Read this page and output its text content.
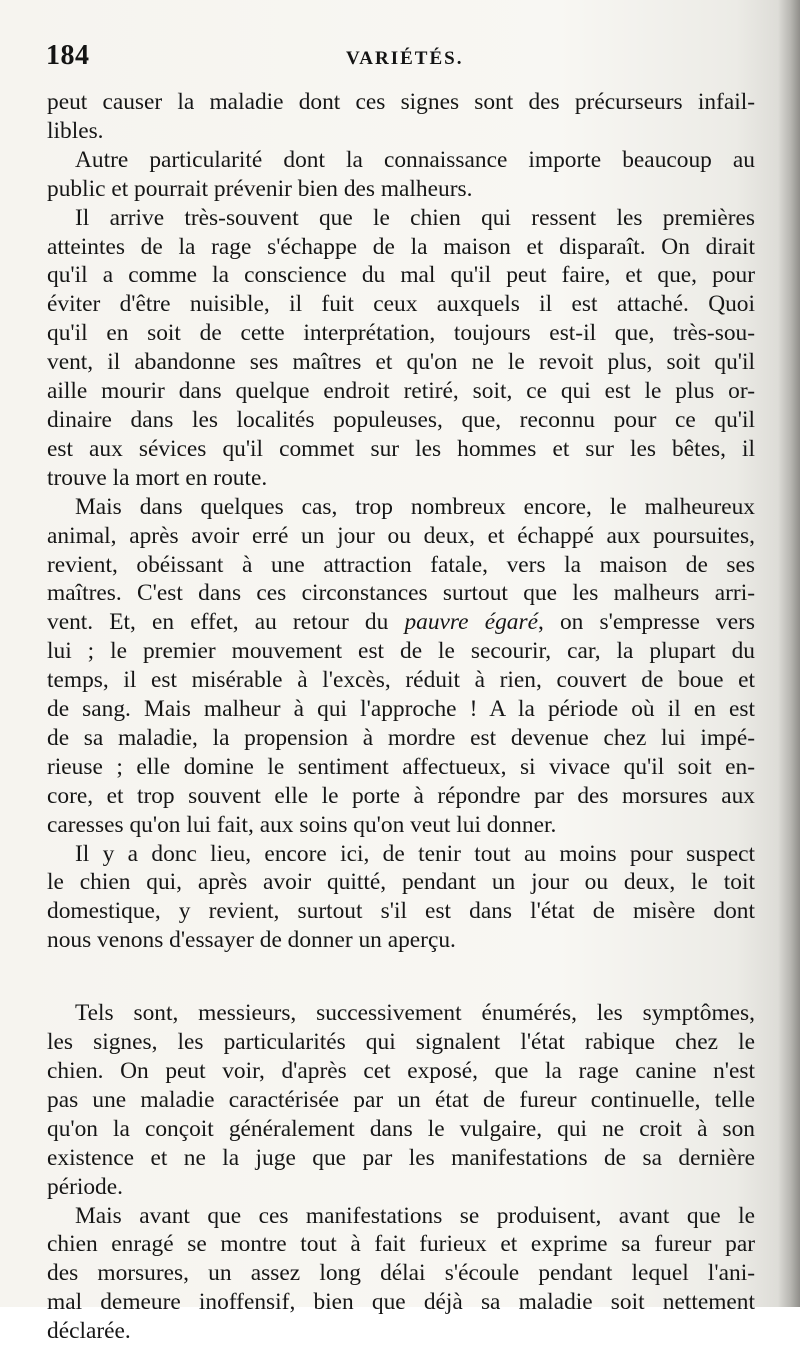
184	VARIÉTÉS.

peut causer la maladie dont ces signes sont des précurseurs infail-
libles.

Autre particularité dont la connaissance importe beaucoup au
public et pourrait prévenir bien des malheurs.

Il arrive très-souvent que le chien qui ressent les premières
atteintes de la rage s'échappe de la maison et disparaît. On dirait
qu'il a comme la conscience du mal qu'il peut faire, et que, pour
éviter d'être nuisible, il fuit ceux auxquels il est attaché. Quoi
qu'il en soit de cette interprétation, toujours est-il que, très-sou-
vent, il abandonne ses maîtres et qu'on ne le revoit plus, soit qu'il
aille mourir dans quelque endroit retiré, soit, ce qui est le plus or-
dinaire dans les localités populeuses, que, reconnu pour ce qu'il
est aux sévices qu'il commet sur les hommes et sur les bêtes, il
trouve la mort en route.

Mais dans quelques cas, trop nombreux encore, le malheureux
animal, après avoir erré un jour ou deux, et échappé aux poursuites,
revient, obéissant à une attraction fatale, vers la maison de ses
maîtres. C'est dans ces circonstances surtout que les malheurs arri-
vent. Et, en effet, au retour du pauvre égaré, on s'empresse vers
lui ; le premier mouvement est de le secourir, car, la plupart du
temps, il est misérable à l'excès, réduit à rien, couvert de boue et
de sang. Mais malheur à qui l'approche ! A la période où il en est
de sa maladie, la propension à mordre est devenue chez lui impé-
rieuse ; elle domine le sentiment affectueux, si vivace qu'il soit en-
core, et trop souvent elle le porte à répondre par des morsures aux
caresses qu'on lui fait, aux soins qu'on veut lui donner.

Il y a donc lieu, encore ici, de tenir tout au moins pour suspect
le chien qui, après avoir quitté, pendant un jour ou deux, le toit
domestique, y revient, surtout s'il est dans l'état de misère dont
nous venons d'essayer de donner un aperçu.

Tels sont, messieurs, successivement énumérés, les symptômes,
les signes, les particularités qui signalent l'état rabique chez le
chien. On peut voir, d'après cet exposé, que la rage canine n'est
pas une maladie caractérisée par un état de fureur continuelle, telle
qu'on la conçoit généralement dans le vulgaire, qui ne croit à son
existence et ne la juge que par les manifestations de sa dernière
période.

Mais avant que ces manifestations se produisent, avant que le
chien enragé se montre tout à fait furieux et exprime sa fureur par
des morsures, un assez long délai s'écoule pendant lequel l'ani-
mal demeure inoffensif, bien que déjà sa maladie soit nettement
déclarée.
